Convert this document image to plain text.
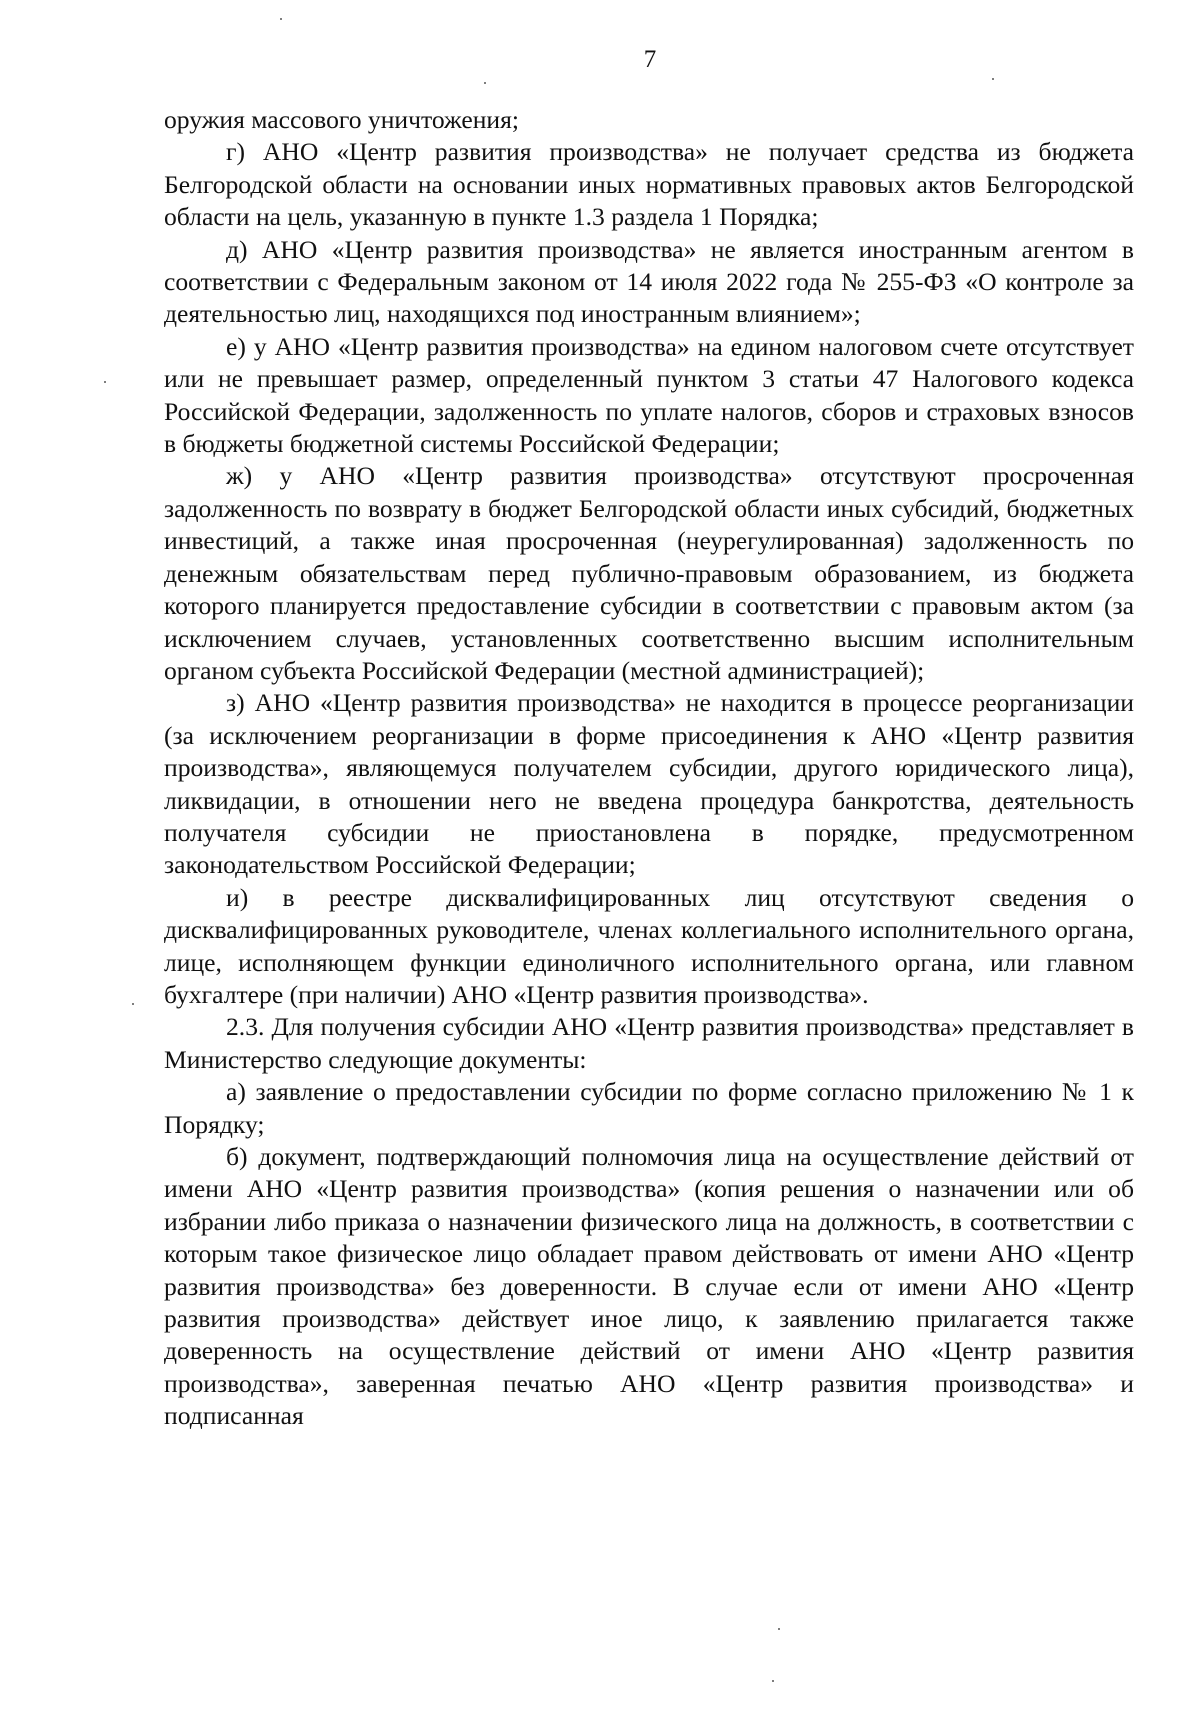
7

оружия массового уничтожения;

г) АНО «Центр развития производства» не получает средства из бюджета Белгородской области на основании иных нормативных правовых актов Белгородской области на цель, указанную в пункте 1.3 раздела 1 Порядка;

д) АНО «Центр развития производства» не является иностранным агентом в соответствии с Федеральным законом от 14 июля 2022 года № 255-ФЗ «О контроле за деятельностью лиц, находящихся под иностранным влиянием»;

е) у АНО «Центр развития производства» на едином налоговом счете отсутствует или не превышает размер, определенный пунктом 3 статьи 47 Налогового кодекса Российской Федерации, задолженность по уплате налогов, сборов и страховых взносов в бюджеты бюджетной системы Российской Федерации;

ж) у АНО «Центр развития производства» отсутствуют просроченная задолженность по возврату в бюджет Белгородской области иных субсидий, бюджетных инвестиций, а также иная просроченная (неурегулированная) задолженность по денежным обязательствам перед публично-правовым образованием, из бюджета которого планируется предоставление субсидии в соответствии с правовым актом (за исключением случаев, установленных соответственно высшим исполнительным органом субъекта Российской Федерации (местной администрацией);

з) АНО «Центр развития производства» не находится в процессе реорганизации (за исключением реорганизации в форме присоединения к АНО «Центр развития производства», являющемуся получателем субсидии, другого юридического лица), ликвидации, в отношении него не введена процедура банкротства, деятельность получателя субсидии не приостановлена в порядке, предусмотренном законодательством Российской Федерации;

и) в реестре дисквалифицированных лиц отсутствуют сведения о дисквалифицированных руководителе, членах коллегиального исполнительного органа, лице, исполняющем функции единоличного исполнительного органа, или главном бухгалтере (при наличии) АНО «Центр развития производства».

2.3. Для получения субсидии АНО «Центр развития производства» представляет в Министерство следующие документы:

а) заявление о предоставлении субсидии по форме согласно приложению № 1 к Порядку;

б) документ, подтверждающий полномочия лица на осуществление действий от имени АНО «Центр развития производства» (копия решения о назначении или об избрании либо приказа о назначении физического лица на должность, в соответствии с которым такое физическое лицо обладает правом действовать от имени АНО «Центр развития производства» без доверенности. В случае если от имени АНО «Центр развития производства» действует иное лицо, к заявлению прилагается также доверенность на осуществление действий от имени АНО «Центр развития производства», заверенная печатью АНО «Центр развития производства» и подписанная
